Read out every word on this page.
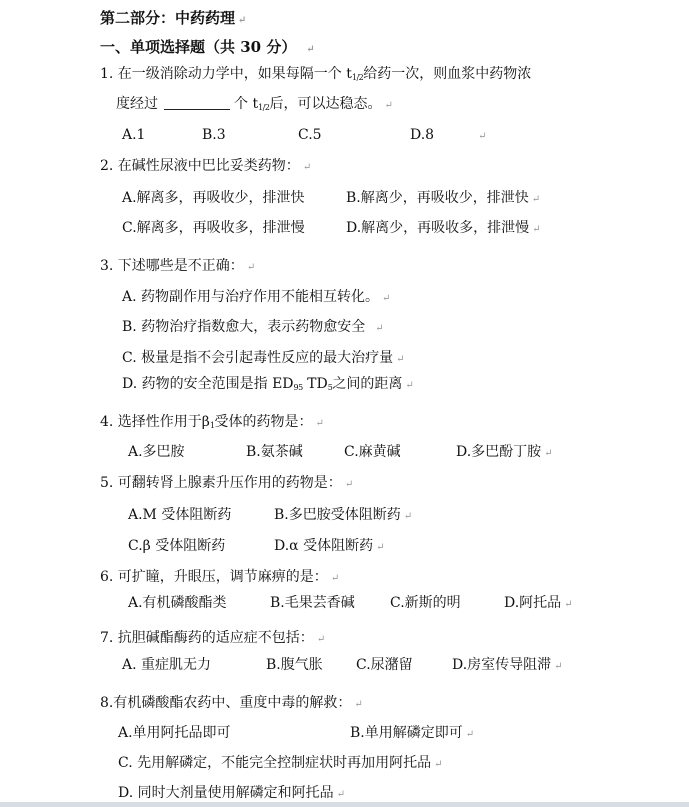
第二部分：中药药理 ↵
一、单项选择题（共 30 分） ↵
1. 在一级消除动力学中，如果每隔一个 $t_{1/2}$给药一次，则血浆中药物浓
度经过	个 $t_{1/2}$后，可以达稳态。 ↵
A.1	B.3	C.5	D.8	↵
2. 在碱性尿液中巴比妥类药物： ↵
A.解离多，再吸收少，排泄快	B.解离少，再吸收少，排泄快 ↵
C.解离多，再吸收多，排泄慢	D.解离少，再吸收多，排泄慢 ↵
3. 下述哪些是不正确： ↵
A. 药物副作用与治疗作用不能相互转化。 ↵
B. 药物治疗指数愈大，表示药物愈安全 ↵
C. 极量是指不会引起毒性反应的最大治疗量 ↵
D. 药物的安全范围是指 $ED_{95}$ $TD_5$之间的距离 ↵
4. 选择性作用于$\beta_1$受体的药物是： ↵
A.多巴胺	B.氨茶碱	C.麻黄碱	D.多巴酚丁胺 ↵
5. 可翻转肾上腺素升压作用的药物是： ↵
A.M 受体阻断药	B.多巴胺受体阻断药 ↵
C.β 受体阻断药	D.α 受体阻断药 ↵
6. 可扩瞳，升眼压，调节麻痹的是： ↵
A.有机磷酸酯类	B.毛果芸香碱	C.新斯的明	D.阿托品 ↵
7. 抗胆碱酯酶药的适应症不包括： ↵
A. 重症肌无力	B.腹气胀 C.尿潴留	D.房室传导阻滞 ↵
8.有机磷酸酯农药中、重度中毒的解救： ↵
A.单用阿托品即可	B.单用解磷定即可 ↵
C. 先用解磷定，不能完全控制症状时再加用阿托品 ↵
D. 同时大剂量使用解磷定和阿托品 ↵
